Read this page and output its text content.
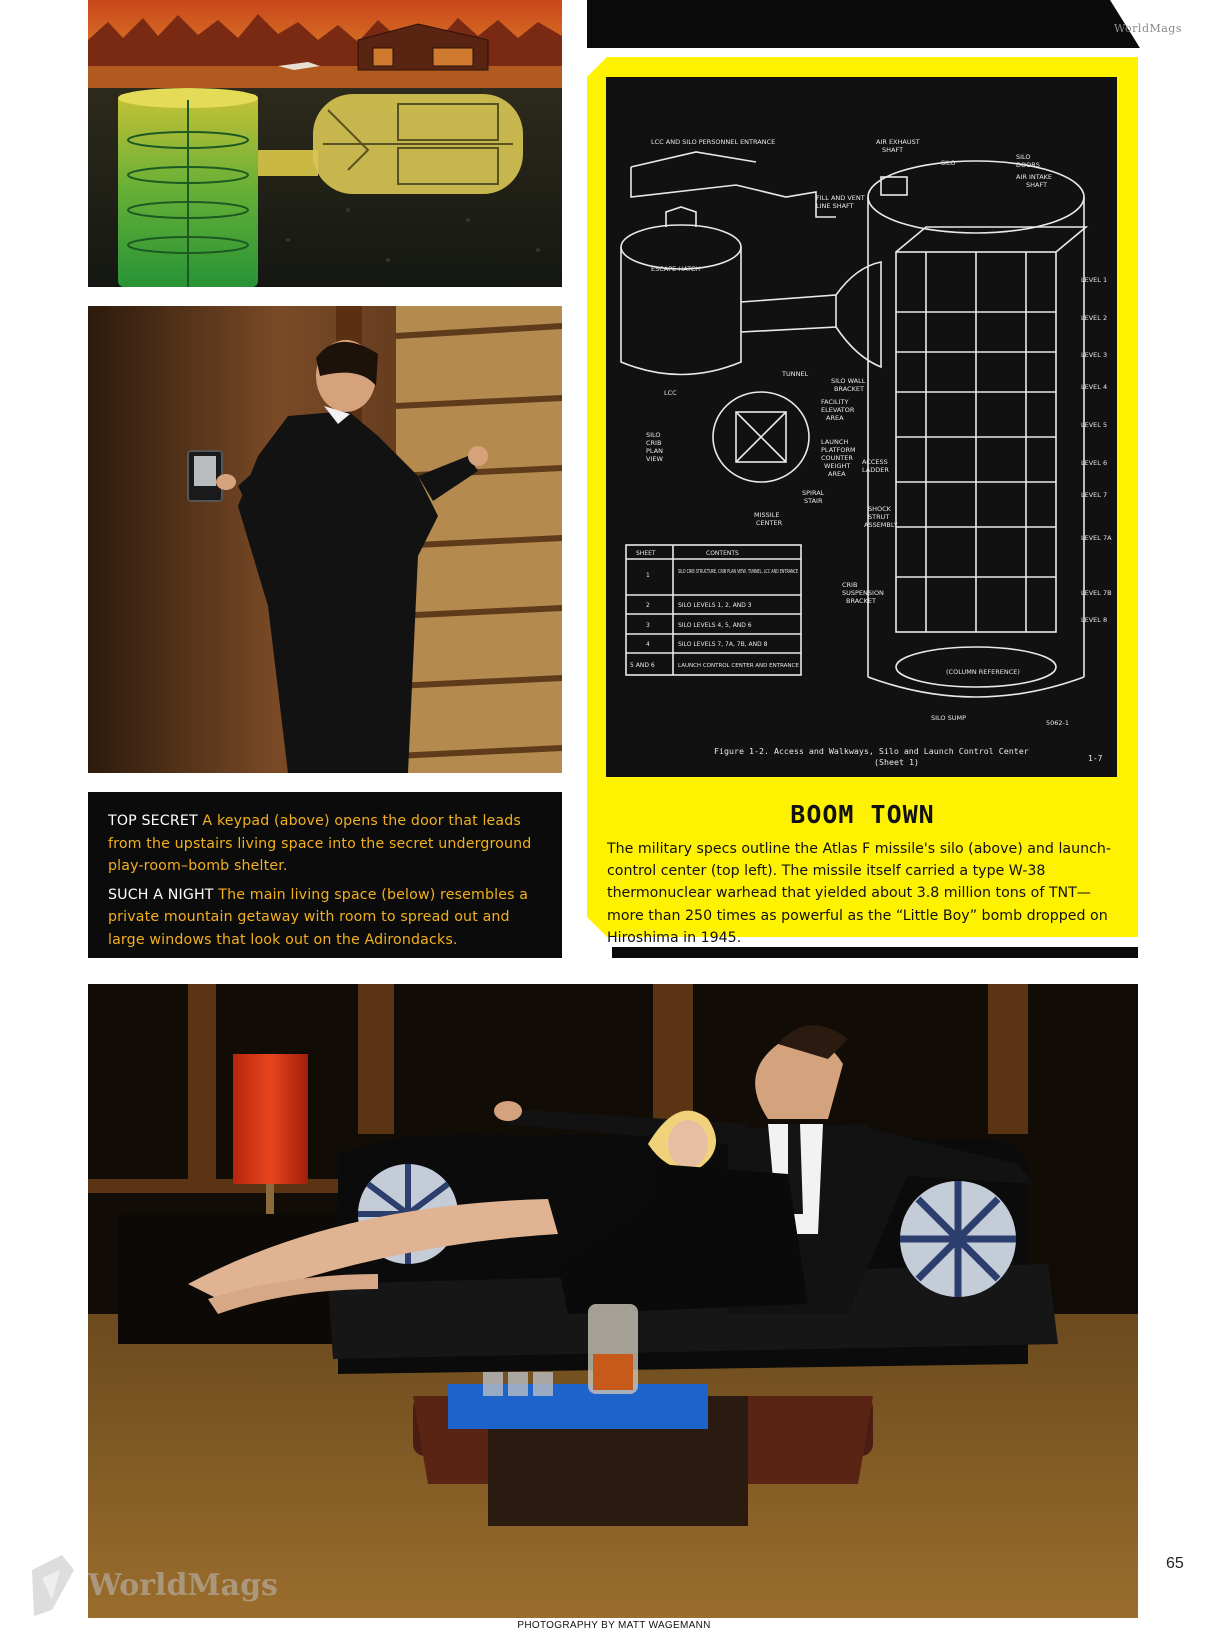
TOP SECRET A keypad (above) opens the door that leads from the upstairs living space into the secret underground play-room–bomb shelter.

SUCH A NIGHT The main living space (below) resembles a private mountain getaway with room to spread out and large windows that look out on the Adirondacks.

WorldMags
LCC AND SILO PERSONNEL ENTRANCE	AIR EXHAUST
SHAFT
SILO
SILO
DOORS
AIR INTAKE
SHAFT
FILL AND VENT
LINE SHAFT
ESCAPE HATCH
TUNNEL
SILO WALL
BRACKET
LCC
FACILITY
ELEVATOR
AREA
SILO
CRIB
PLAN
VIEW
LAUNCH
PLATFORM
COUNTER
WEIGHT
AREA
ACCESS
LADDER
SPIRAL
STAIR
MISSILE
CENTER
SHOCK
STRUT
ASSEMBLY
CRIB
SUSPENSION
BRACKET
(COLUMN REFERENCE)
SILO SUMP
5062-1
LEVEL 1
LEVEL 2
LEVEL 3
LEVEL 4
LEVEL 5
LEVEL 6
LEVEL 7
LEVEL 7A
LEVEL 7B
LEVEL 8
SHEET	CONTENTS
1	SILO CRIB STRUCTURE, CRIB PLAN VIEW, TUNNEL, LCC AND ENTRANCE
2	SILO LEVELS 1, 2, AND 3
3	SILO LEVELS 4, 5, AND 6
4	SILO LEVELS 7, 7A, 7B, AND 8
5 AND 6	LAUNCH CONTROL CENTER AND ENTRANCE
Figure 1-2. Access and Walkways, Silo and Launch Control Center
(Sheet 1)	1-7
BOOM TOWN
The military specs outline the Atlas F missile's silo (above) and launch-control center (top left). The missile itself carried a type W-38 thermonuclear warhead that yielded about 3.8 million tons of TNT—more than 250 times as powerful as the “Little Boy” bomb dropped on Hiroshima in 1945.
WorldMags
65
PHOTOGRAPHY BY MATT WAGEMANN
